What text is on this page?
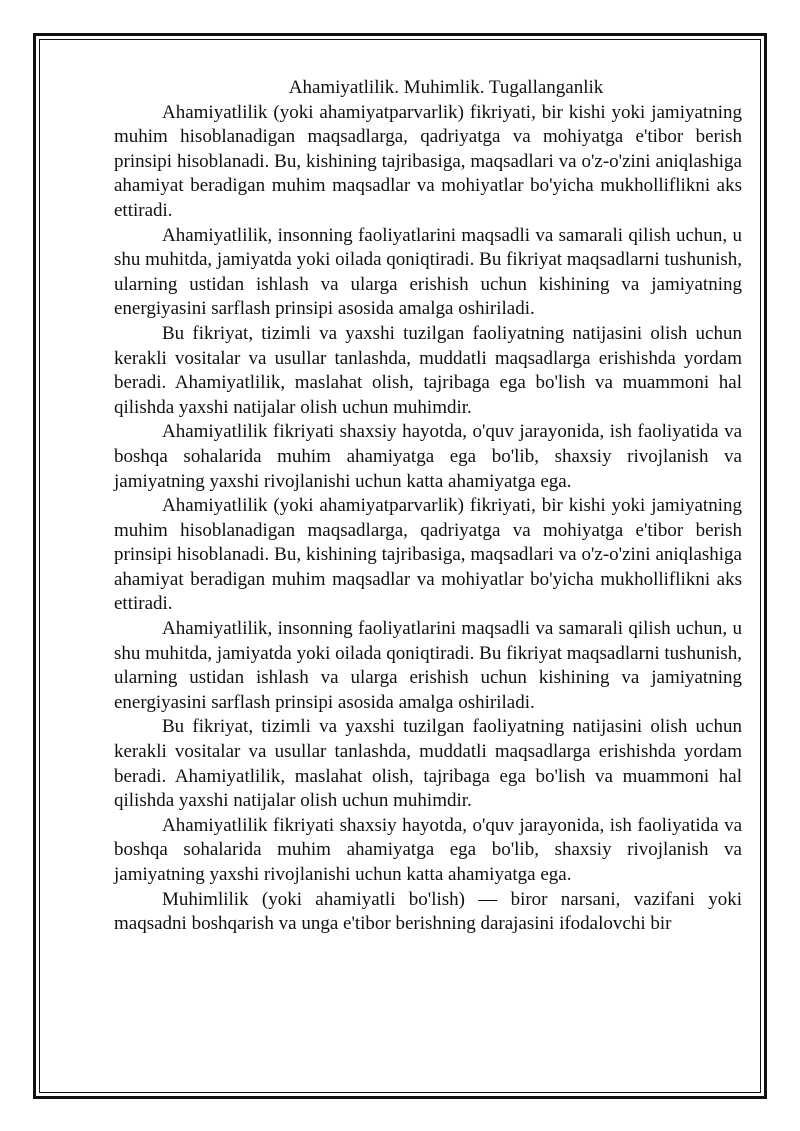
Ahamiyatlilik. Muhimlik. Tugallanganlik

Ahamiyatlilik (yoki ahamiyatparvarlik) fikriyati, bir kishi yoki jamiyatning muhim hisoblanadigan maqsadlarga, qadriyatga va mohiyatga e'tibor berish prinsipi hisoblanadi. Bu, kishining tajribasiga, maqsadlari va o'z-o'zini aniqlashiga ahamiyat beradigan muhim maqsadlar va mohiyatlar bo'yicha mukholliflikni aks ettiradi.

Ahamiyatlilik, insonning faoliyatlarini maqsadli va samarali qilish uchun, u shu muhitda, jamiyatda yoki oilada qoniqtiradi. Bu fikriyat maqsadlarni tushunish, ularning ustidan ishlash va ularga erishish uchun kishining va jamiyatning energiyasini sarflash prinsipi asosida amalga oshiriladi.

Bu fikriyat, tizimli va yaxshi tuzilgan faoliyatning natijasini olish uchun kerakli vositalar va usullar tanlashda, muddatli maqsadlarga erishishda yordam beradi. Ahamiyatlilik, maslahat olish, tajribaga ega bo'lish va muammoni hal qilishda yaxshi natijalar olish uchun muhimdir.

Ahamiyatlilik fikriyati shaxsiy hayotda, o'quv jarayonida, ish faoliyatida va boshqa sohalarida muhim ahamiyatga ega bo'lib, shaxsiy rivojlanish va jamiyatning yaxshi rivojlanishi uchun katta ahamiyatga ega.

Ahamiyatlilik (yoki ahamiyatparvarlik) fikriyati, bir kishi yoki jamiyatning muhim hisoblanadigan maqsadlarga, qadriyatga va mohiyatga e'tibor berish prinsipi hisoblanadi. Bu, kishining tajribasiga, maqsadlari va o'z-o'zini aniqlashiga ahamiyat beradigan muhim maqsadlar va mohiyatlar bo'yicha mukholliflikni aks ettiradi.

Ahamiyatlilik, insonning faoliyatlarini maqsadli va samarali qilish uchun, u shu muhitda, jamiyatda yoki oilada qoniqtiradi. Bu fikriyat maqsadlarni tushunish, ularning ustidan ishlash va ularga erishish uchun kishining va jamiyatning energiyasini sarflash prinsipi asosida amalga oshiriladi.

Bu fikriyat, tizimli va yaxshi tuzilgan faoliyatning natijasini olish uchun kerakli vositalar va usullar tanlashda, muddatli maqsadlarga erishishda yordam beradi. Ahamiyatlilik, maslahat olish, tajribaga ega bo'lish va muammoni hal qilishda yaxshi natijalar olish uchun muhimdir.

Ahamiyatlilik fikriyati shaxsiy hayotda, o'quv jarayonida, ish faoliyatida va boshqa sohalarida muhim ahamiyatga ega bo'lib, shaxsiy rivojlanish va jamiyatning yaxshi rivojlanishi uchun katta ahamiyatga ega.

Muhimlilik (yoki ahamiyatli bo'lish) — biror narsani, vazifani yoki maqsadni boshqarish va unga e'tibor berishning darajasini ifodalovchi bir
